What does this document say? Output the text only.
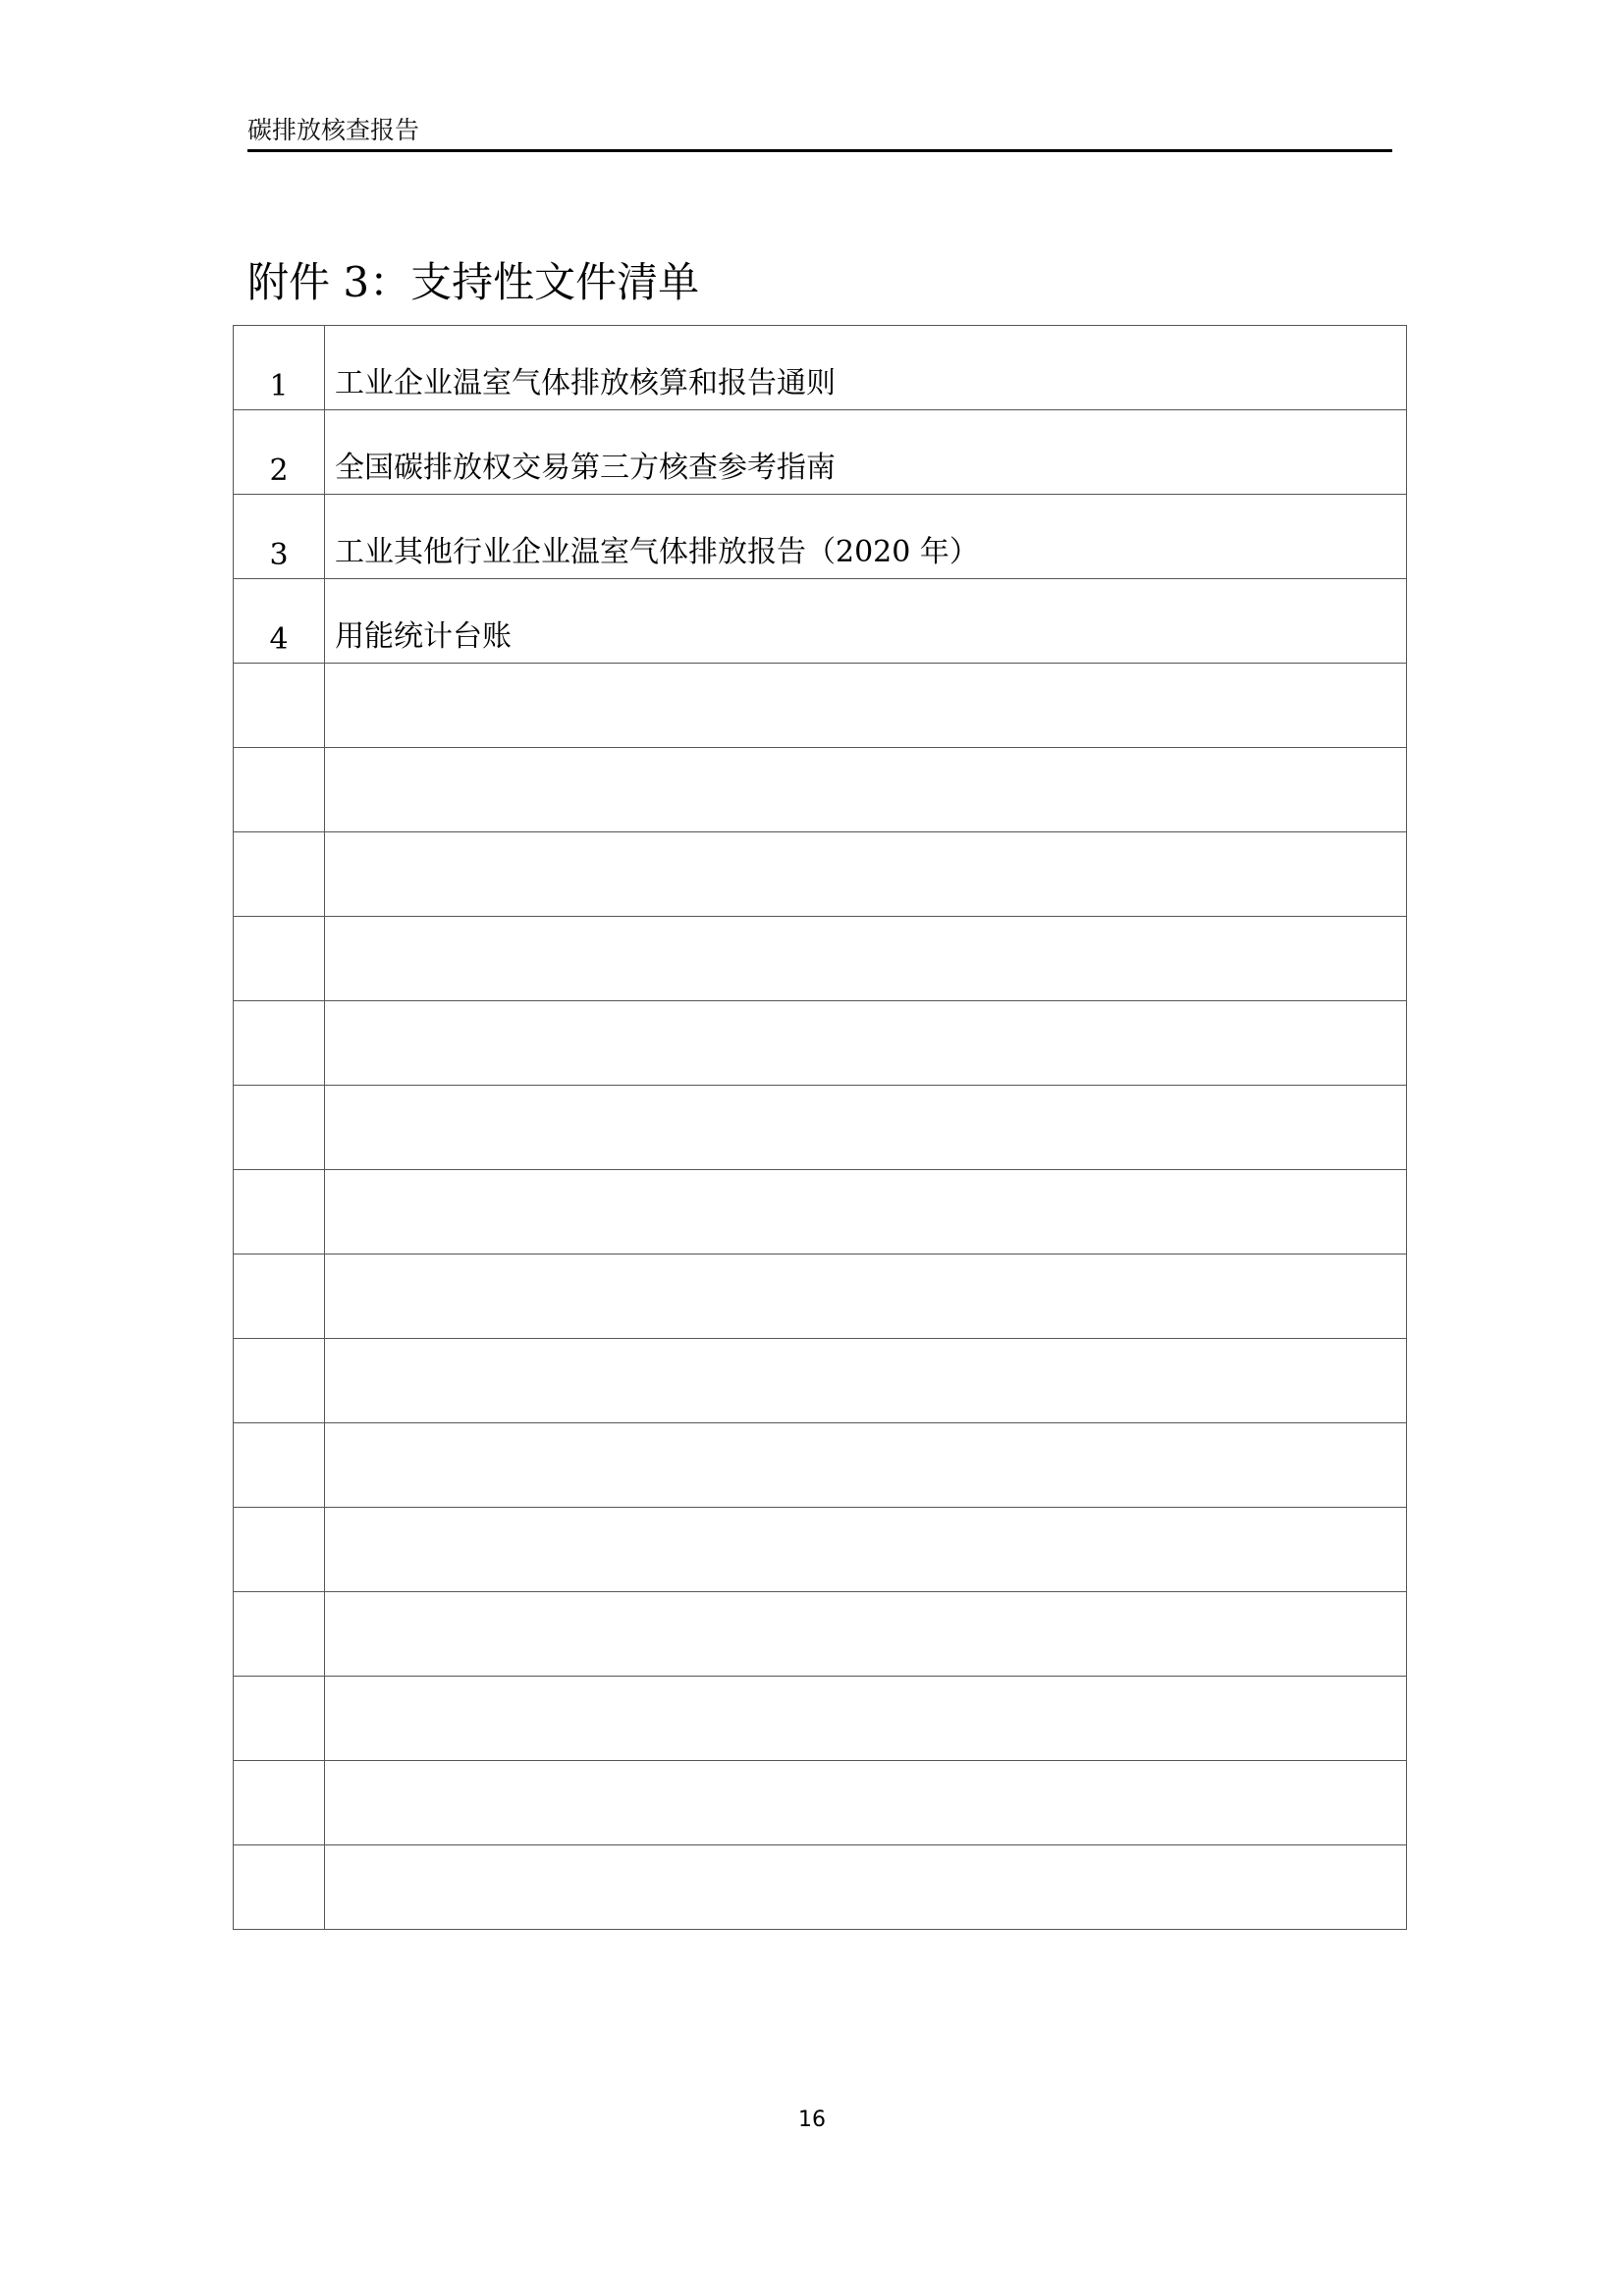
碳排放核查报告
附件 3：支持性文件清单
1	工业企业温室气体排放核算和报告通则
2	全国碳排放权交易第三方核查参考指南
3	工业其他行业企业温室气体排放报告（2020 年）
4	用能统计台账

16
